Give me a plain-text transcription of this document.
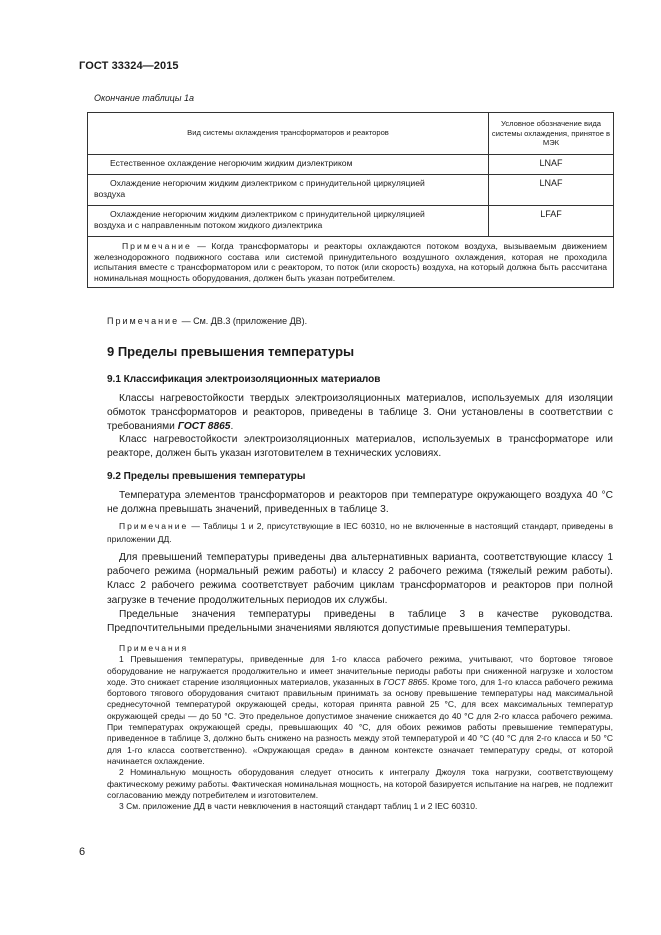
ГОСТ 33324—2015
Окончание таблицы 1а
Вид системы охлаждения трансформаторов и реакторов	Условное обозначение вида системы охлаждения, принятое в МЭК

Естественное охлаждение негорючим жидким диэлектриком	LNAF

Охлаждение негорючим жидким диэлектриком с принудительной циркуляцией
воздуха	LNAF

Охлаждение негорючим жидким диэлектриком с принудительной циркуляцией
воздуха и с направленным потоком жидкого диэлектрика	LFAF
Примечание — Когда трансформаторы и реакторы охлаждаются потоком воздуха, вызываемым движением железнодорожного подвижного состава или системой принудительного воздушного охлаждения, которая не проходила испытания вместе с трансформатором или с реактором, то поток (или скорость) воздуха, на который должна быть рассчитана номинальная мощность оборудования, должен быть указан потребителем.	
Примечание — См. ДВ.3 (приложение ДВ).
9 Пределы превышения температуры
9.1 Классификация электроизоляционных материалов
Классы нагревостойкости твердых электроизоляционных материалов, используемых для изоляции обмоток трансформаторов и реакторов, приведены в таблице 3. Они установлены в соответствии с требованиями ГОСТ 8865.
Класс нагревостойкости электроизоляционных материалов, используемых в трансформаторе или реакторе, должен быть указан изготовителем в технических условиях.
9.2 Пределы превышения температуры
Температура элементов трансформаторов и реакторов при температуре окружающего воздуха 40 °С не должна превышать значений, приведенных в таблице 3.

Примечание — Таблицы 1 и 2, присутствующие в IEC 60310, но не включенные в настоящий стандарт, приведены в приложении ДД.

Для превышений температуры приведены два альтернативных варианта, соответствующие классу 1 рабочего режима (нормальный режим работы) и классу 2 рабочего режима (тяжелый режим работы). Класс 2 рабочего режима соответствует рабочим циклам трансформаторов и реакторов при полной загрузке в течение продолжительных периодов их службы.
Предельные значения температуры приведены в таблице 3 в качестве руководства. Предпочтительными предельными значениями являются допустимые превышения температуры.

Примечания

1 Превышения температуры, приведенные для 1-го класса рабочего режима, учитывают, что бортовое тяговое оборудование не нагружается продолжительно и имеет значительные периоды работы при сниженной нагрузке и холостом ходе. Это снижает старение изоляционных материалов, указанных в ГОСТ 8865. Кроме того, для 1-го класса рабочего режима бортового тягового оборудования считают правильным принимать за основу превышение температуры над максимальной среднесуточной температурой окружающей среды, которая принята равной 25 °С, для всех максимальных температур окружающей среды — до 50 °С. Это предельное допустимое значение снижается до 40 °С для 2-го класса рабочего режима. При температурах окружающей среды, превышающих 40 °С, для обоих режимов работы превышение температуры, приведенное в таблице 3, должно быть снижено на разность между этой температурой и 40 °С (40 °С для 2-го класса и 50 °С для 1-го класса соответственно). «Окружающая среда» в данном контексте означает температуру среды, от которой начинается охлаждение.

2 Номинальную мощность оборудования следует относить к интегралу Джоуля тока нагрузки, соответствующему фактическому режиму работы. Фактическая номинальная мощность, на которой базируется испытание на нагрев, не подлежит согласованию между потребителем и изготовителем.

3 См. приложение ДД в части невключения в настоящий стандарт таблиц 1 и 2 IEC 60310.

6
